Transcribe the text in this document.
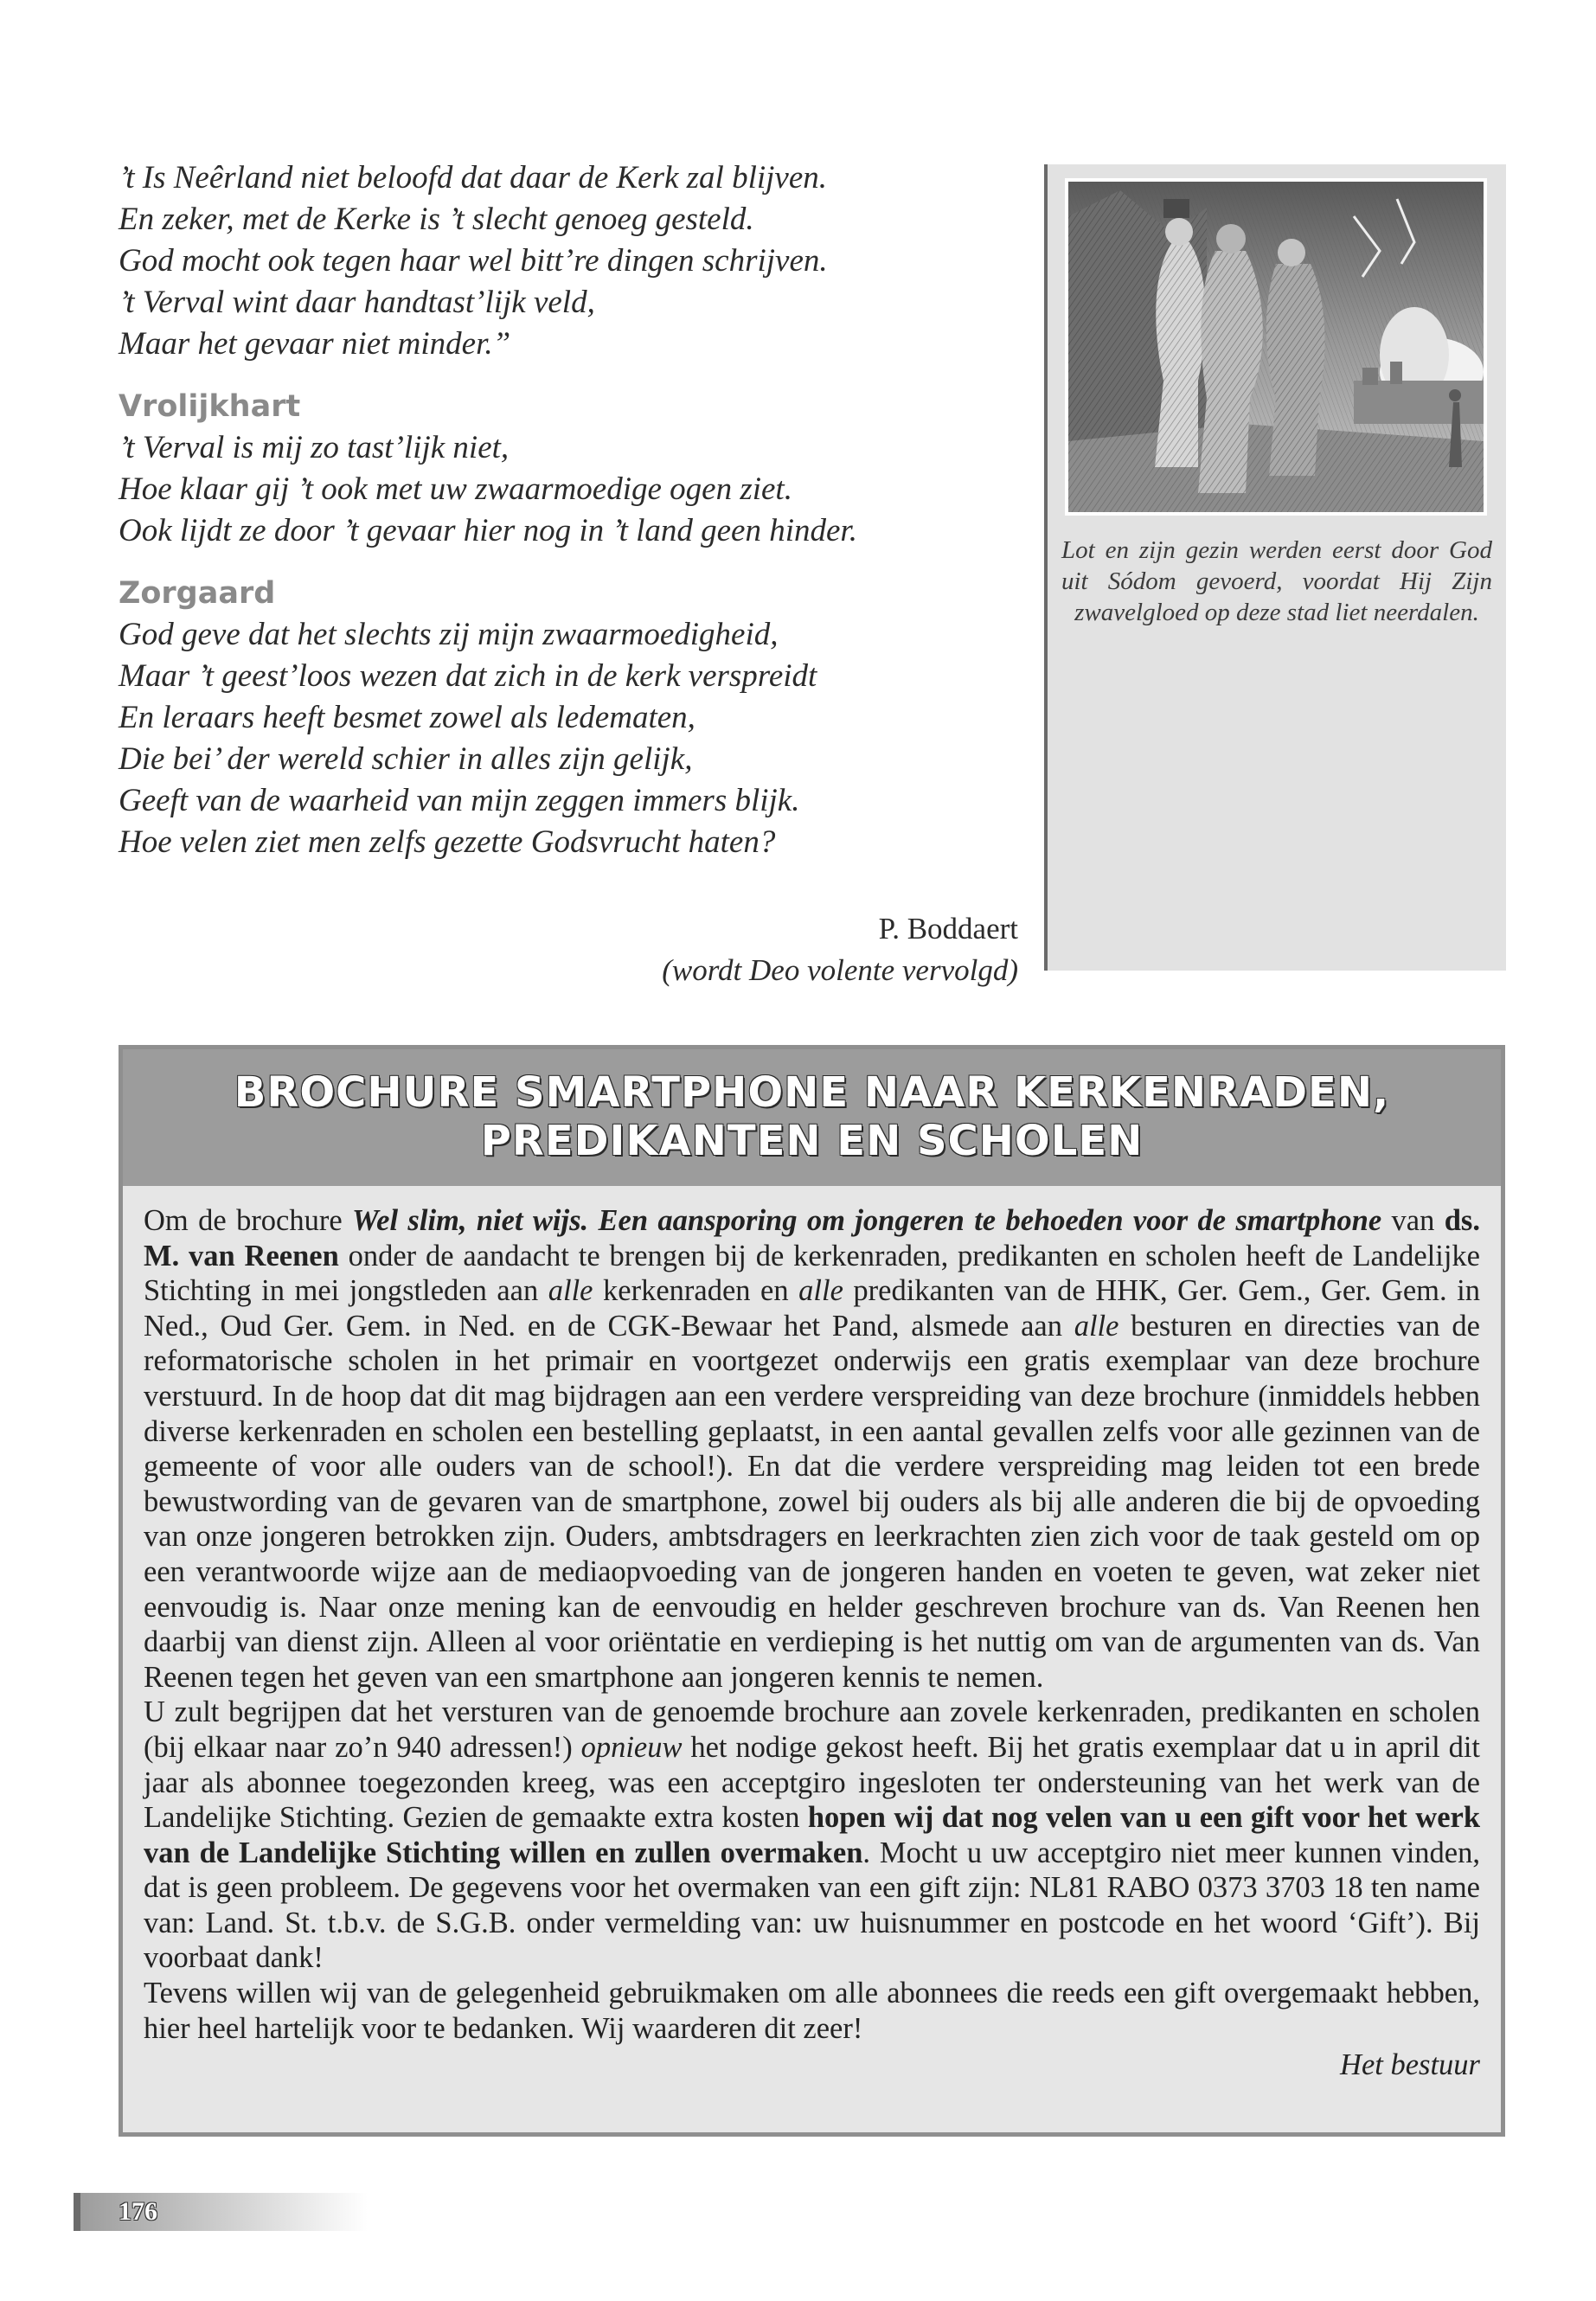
’t Is Neêrland niet beloofd dat daar de Kerk zal blijven.
En zeker, met de Kerke is ’t slecht genoeg gesteld.
God mocht ook tegen haar wel bitt’re dingen schrijven.
’t Verval wint daar handtast’lijk veld,
Maar het gevaar niet minder.”
Vrolijkhart
’t Verval is mij zo tast’lijk niet,
Hoe klaar gij ’t ook met uw zwaarmoedige ogen ziet.
Ook lijdt ze door ’t gevaar hier nog in ’t land geen hinder.
Zorgaard
God geve dat het slechts zij mijn zwaarmoedigheid,
Maar ’t geest’loos wezen dat zich in de kerk verspreidt
En leraars heeft besmet zowel als ledematen,
Die bei’ der wereld schier in alles zijn gelijk,
Geeft van de waarheid van mijn zeggen immers blijk.
Hoe velen ziet men zelfs gezette Godsvrucht haten?
P. Boddaert
(wordt Deo volente vervolgd)
Lot en zijn gezin werden eerst door God uit Sódom gevoerd, voordat Hij Zijn zwavelgloed op deze stad liet neerdalen.
BROCHURE SMARTPHONE NAAR KERKENRADEN,
PREDIKANTEN EN SCHOLEN

Om de brochure Wel slim, niet wijs. Een aansporing om jongeren te behoeden voor de smartphone van ds. M. van Reenen onder de aandacht te brengen bij de kerkenraden, predikanten en scholen heeft de Landelijke Stichting in mei jongstleden aan alle kerkenraden en alle predikanten van de HHK, Ger. Gem., Ger. Gem. in Ned., Oud Ger. Gem. in Ned. en de CGK-Bewaar het Pand, alsmede aan alle besturen en directies van de reformatorische scholen in het primair en voortgezet onderwijs een gratis exemplaar van deze brochure verstuurd. In de hoop dat dit mag bijdragen aan een verdere verspreiding van deze brochure (inmiddels hebben diverse kerkenraden en scholen een bestelling geplaatst, in een aantal gevallen zelfs voor alle gezinnen van de gemeente of voor alle ouders van de school!). En dat die verdere verspreiding mag leiden tot een brede bewustwording van de gevaren van de smartphone, zowel bij ouders als bij alle anderen die bij de opvoeding van onze jongeren betrokken zijn. Ouders, ambtsdragers en leerkrachten zien zich voor de taak gesteld om op een verantwoorde wijze aan de mediaopvoeding van de jongeren handen en voeten te geven, wat zeker niet eenvoudig is. Naar onze mening kan de eenvoudig en helder geschreven brochure van ds. Van Reenen hen daarbij van dienst zijn. Alleen al voor oriëntatie en verdieping is het nuttig om van de argumenten van ds. Van Reenen tegen het geven van een smartphone aan jongeren kennis te nemen.

U zult begrijpen dat het versturen van de genoemde brochure aan zovele kerkenraden, predikanten en scholen (bij elkaar naar zo’n 940 adressen!) opnieuw het nodige gekost heeft. Bij het gratis exemplaar dat u in april dit jaar als abonnee toegezonden kreeg, was een acceptgiro ingesloten ter ondersteuning van het werk van de Landelijke Stichting. Gezien de gemaakte extra kosten hopen wij dat nog velen van u een gift voor het werk van de Landelijke Stichting willen en zullen overmaken. Mocht u uw acceptgiro niet meer kunnen vinden, dat is geen probleem. De gegevens voor het overmaken van een gift zijn: NL81 RABO 0373 3703 18 ten name van: Land. St. t.b.v. de S.G.B. onder vermelding van: uw huisnummer en postcode en het woord ‘Gift’). Bij voorbaat dank!

Tevens willen wij van de gelegenheid gebruikmaken om alle abonnees die reeds een gift overgemaakt hebben, hier heel hartelijk voor te bedanken. Wij waarderen dit zeer!

Het bestuur

176
